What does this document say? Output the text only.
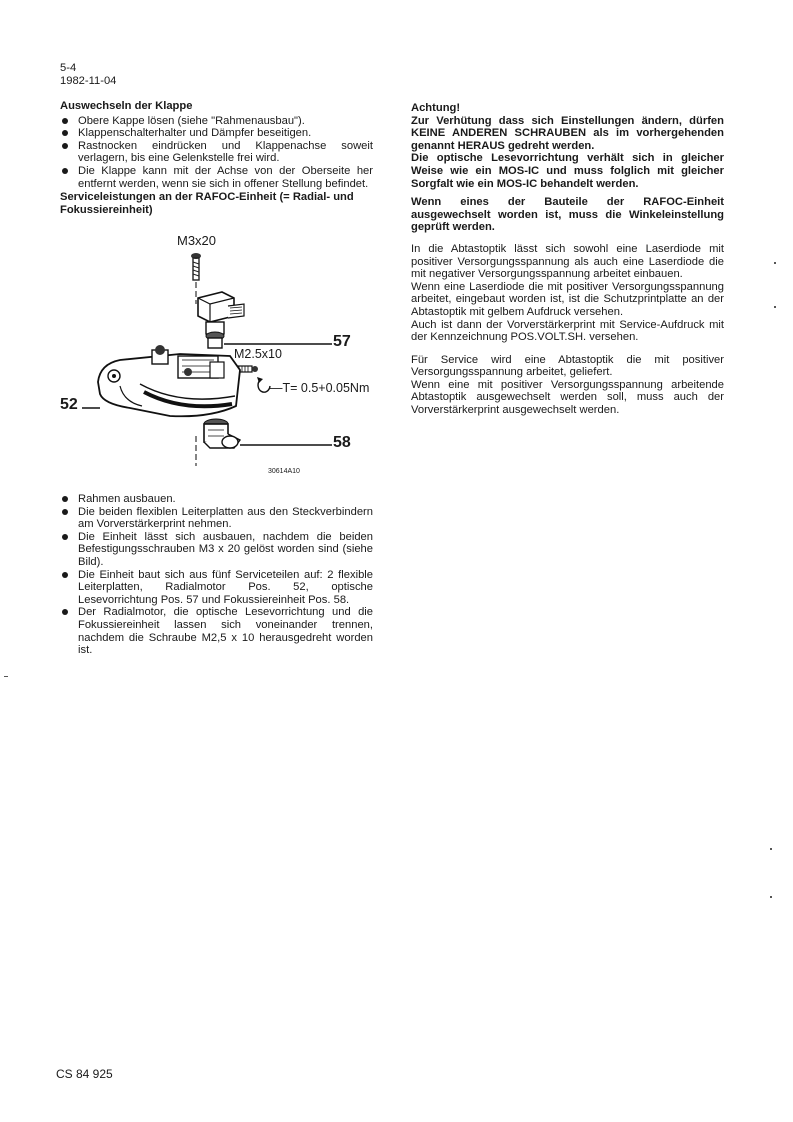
5-4
1982-11-04

Auswechseln der Klappe

Obere Kappe lösen (siehe "Rahmenausbau").
Klappenschalterhalter und Dämpfer beseitigen.
Rastnocken eindrücken und Klappenachse soweit verlagern, bis eine Gelenkstelle frei wird.
Die Klappe kann mit der Achse von der Oberseite her entfernt werden, wenn sie sich in offener Stellung befindet.

Serviceleistungen an der RAFOC-Einheit (= Radial- und Fokussiereinheit)

M3x20
M2.5x10
—T= 0.5+0.05Nm
57
52
58
30614A10
Rahmen ausbauen.
Die beiden flexiblen Leiterplatten aus den Steckverbindern am Vorverstärkerprint nehmen.
Die Einheit lässt sich ausbauen, nachdem die beiden Befestigungsschrauben M3 x 20 gelöst worden sind (siehe Bild).
Die Einheit baut sich aus fünf Serviceteilen auf: 2 flexible Leiterplatten, Radialmotor Pos. 52, optische Lesevorrichtung Pos. 57 und Fokussiereinheit Pos. 58.
Der Radialmotor, die optische Lesevorrichtung und die Fokussiereinheit lassen sich voneinander trennen, nachdem die Schraube M2,5 x 10 herausgedreht worden ist.

Achtung!

Zur Verhütung dass sich Einstellungen ändern, dürfen KEINE ANDEREN SCHRAUBEN als im vorhergehenden genannt HERAUS gedreht werden.

Die optische Lesevorrichtung verhält sich in gleicher Weise wie ein MOS-IC und muss folglich mit gleicher Sorgfalt wie ein MOS-IC behandelt werden.

Wenn eines der Bauteile der RAFOC-Einheit ausgewechselt worden ist, muss die Winkeleinstellung geprüft werden.

In die Abtastoptik lässt sich sowohl eine Laserdiode mit positiver Versorgungsspannung als auch eine Laserdiode die mit negativer Versorgungsspannung arbeitet einbauen.

Wenn eine Laserdiode die mit positiver Versorgungsspannung arbeitet, eingebaut worden ist, ist die Schutzprintplatte an der Abtastoptik mit gelbem Aufdruck versehen.

Auch ist dann der Vorverstärkerprint mit Service-Aufdruck mit der Kennzeichnung POS.VOLT.SH. versehen.

Für Service wird eine Abtastoptik die mit positiver Versorgungsspannung arbeitet, geliefert.

Wenn eine mit positiver Versorgungsspannung arbeitende Abtastoptik ausgewechselt werden soll, muss auch der Vorverstärkerprint ausgewechselt werden.

CS 84 925
